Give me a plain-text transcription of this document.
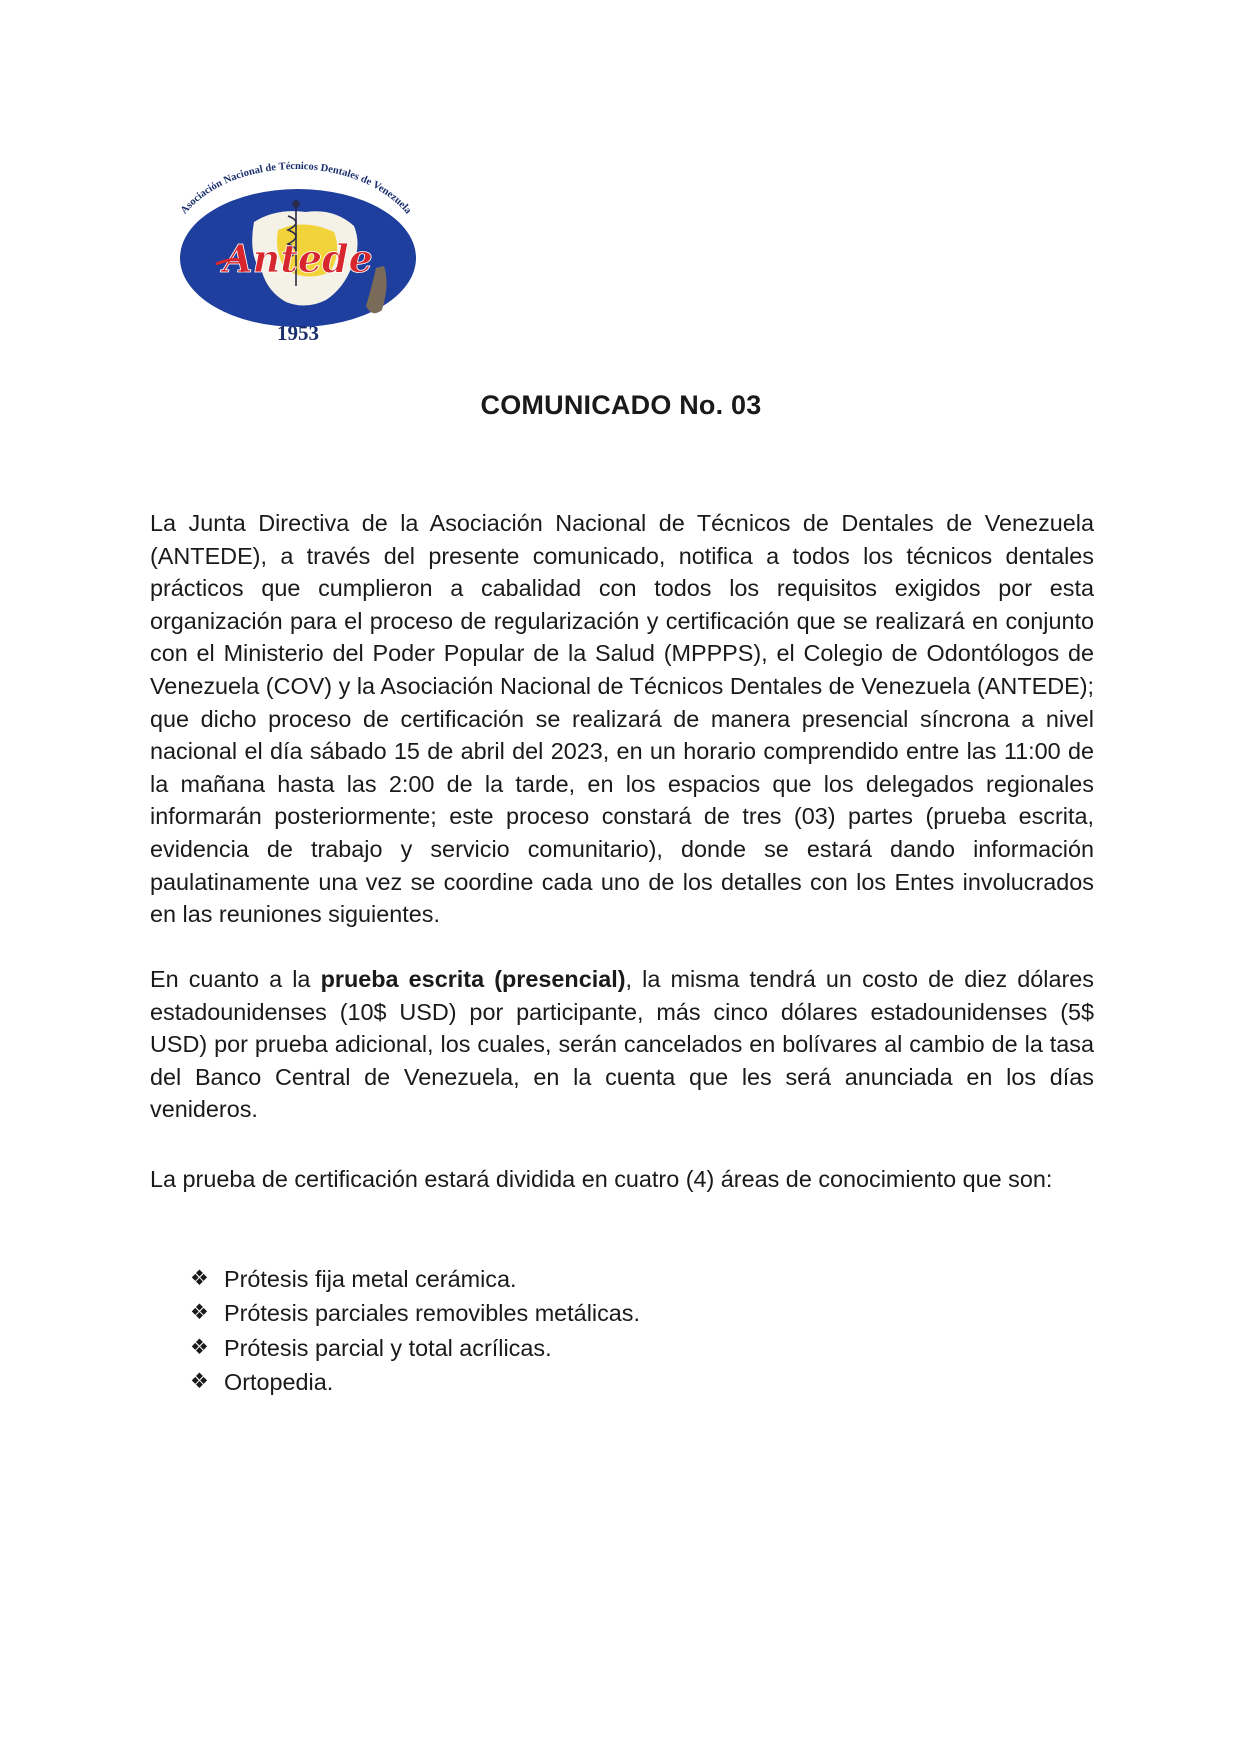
Asociación Nacional de Técnicos Dentales de Venezuela
Antede
1953
COMUNICADO No. 03

La Junta Directiva de la Asociación Nacional de Técnicos de Dentales de Venezuela (ANTEDE), a través del presente comunicado, notifica a todos los técnicos dentales prácticos que cumplieron a cabalidad con todos los requisitos exigidos por esta organización para el proceso de regularización y certificación que se realizará en conjunto con el Ministerio del Poder Popular de la Salud (MPPPS), el Colegio de Odontólogos de Venezuela (COV) y la Asociación Nacional de Técnicos Dentales de Venezuela (ANTEDE); que dicho proceso de certificación se realizará de manera presencial síncrona a nivel nacional el día sábado 15 de abril del 2023, en un horario comprendido entre las 11:00 de la mañana hasta las 2:00 de la tarde, en los espacios que los delegados regionales informarán posteriormente; este proceso constará de tres (03) partes (prueba escrita, evidencia de trabajo y servicio comunitario), donde se estará dando información paulatinamente una vez se coordine cada uno de los detalles con los Entes involucrados en las reuniones siguientes.

En cuanto a la prueba escrita (presencial), la misma tendrá un costo de diez dólares estadounidenses (10$ USD) por participante, más cinco dólares estadounidenses (5$ USD) por prueba adicional, los cuales, serán cancelados en bolívares al cambio de la tasa del Banco Central de Venezuela, en la cuenta que les será anunciada en los días venideros.

La prueba de certificación estará dividida en cuatro (4) áreas de conocimiento que son:

❖ Prótesis fija metal cerámica.
❖ Prótesis parciales removibles metálicas.
❖ Prótesis parcial y total acrílicas.
❖ Ortopedia.
